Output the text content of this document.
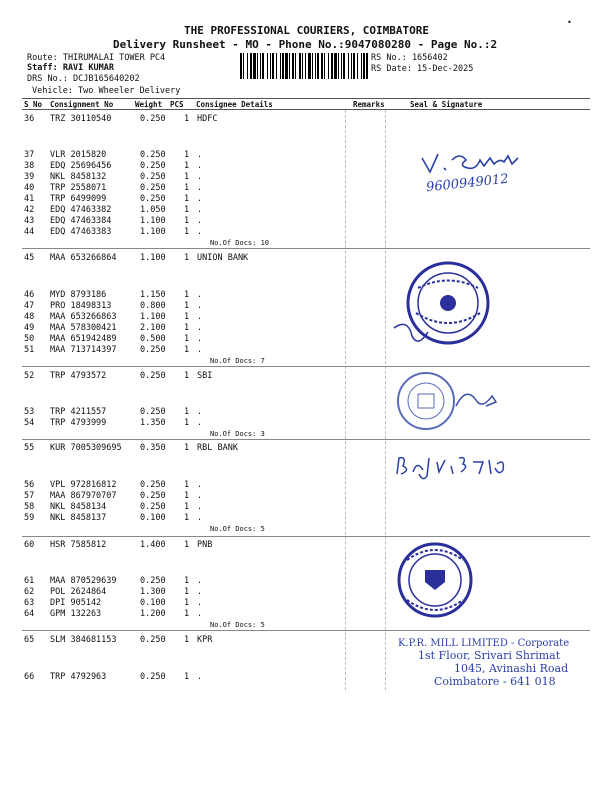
THE PROFESSIONAL COURIERS, COIMBATORE
Delivery Runsheet - MO - Phone No.:9047080280 - Page No.:2
Route: THIRUMALAI TOWER PC4
Staff: RAVI KUMAR
DRS No.: DCJB165640202
Vehicle: Two Wheeler Delivery
RS No.: 1656402
RS Date: 15-Dec-2025
•
S No Consignment No	Weight PCS Consignee Details	Remarks	Seal & Signature
36 TRZ 30110540	0.250 1 HDFC
37 VLR 2015820	0.250 1 .
38 EDQ 25696456	0.250 1 .
39 NKL 8458132	0.250 1 .
40 TRP 2558071	0.250 1 .
41 TRP 6499099	0.250 1 .
42 EDQ 47463382	1.050 1 .
43 EDQ 47463384	1.100 1 .
44 EDQ 47463383	1.100 1 .
45 MAA 653266864	1.100 1 UNION BANK
46 MYD 8793186	1.150 1 .
47 PRO 18498313	0.800 1 .
48 MAA 653266863	1.100 1 .
49 MAA 578300421	2.100 1 .
50 MAA 651942489	0.500 1 .
51 MAA 713714397	0.250 1 .
52 TRP 4793572	0.250 1 SBI
53 TRP 4211557	0.250 1 .
54 TRP 4793999	1.350 1 .
55 KUR 7005309695 0.350 1 RBL BANK
56 VPL 972816812	0.250 1 .
57 MAA 867970707	0.250 1 .
58 NKL 8458134	0.250 1 .
59 NKL 8458137	0.100 1 .
60 HSR 7585812	1.400 1 PNB
61 MAA 870529639	0.250 1 .
62 POL 2624864	1.300 1 .
63 DPI 905142	0.100 1 .
64 GPM 132263	1.200 1 .
65 SLM 384681153	0.250 1 KPR
66 TRP 4792963	0.250 1 .
No.Of Docs: 10
No.Of Docs: 7
No.Of Docs: 3
No.Of Docs: 5
No.Of Docs: 5
9600949012
K.P.R. MILL LIMITED - Corporate
1st Floor, Srivari Shrimat
1045, Avinashi Road
Coimbatore - 641 018
